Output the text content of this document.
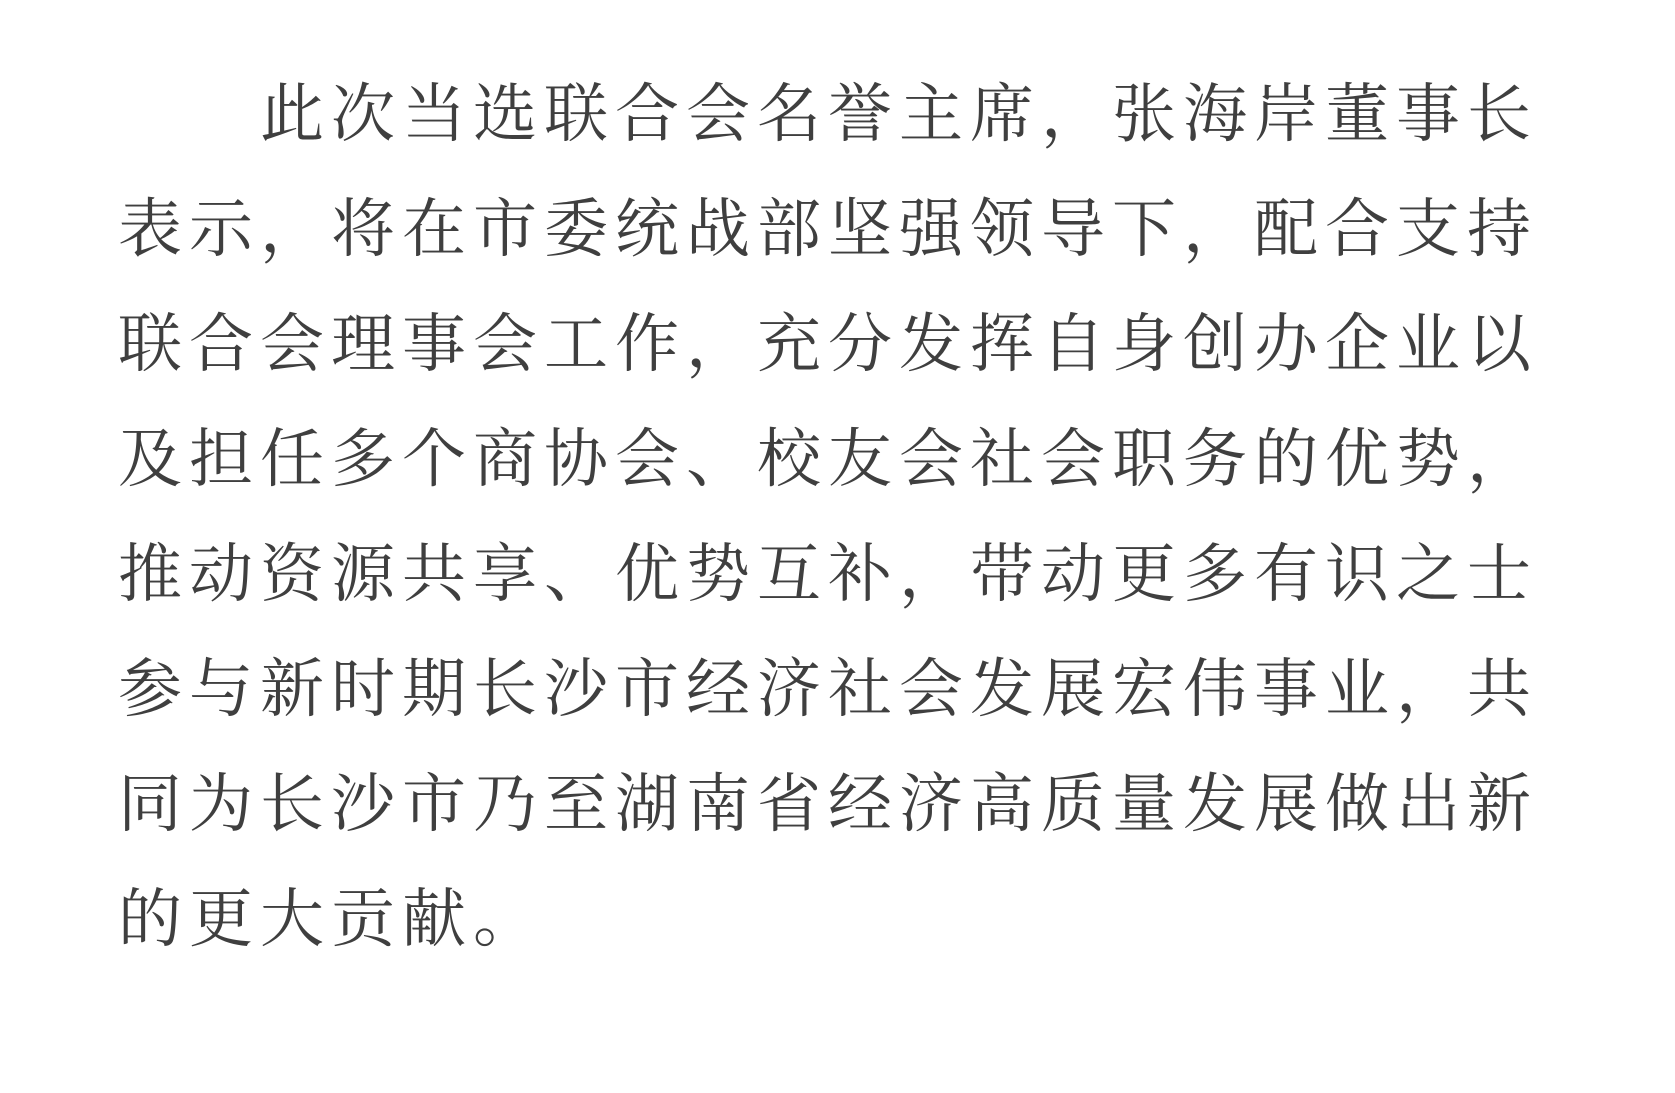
此次当选联合会名誉主席，张海岸董事长
表示，将在市委统战部坚强领导下，配合支持
联合会理事会工作，充分发挥自身创办企业以
及担任多个商协会、校友会社会职务的优势，
推动资源共享、优势互补，带动更多有识之士
参与新时期长沙市经济社会发展宏伟事业，共
同为长沙市乃至湖南省经济高质量发展做出新
的更大贡献。
